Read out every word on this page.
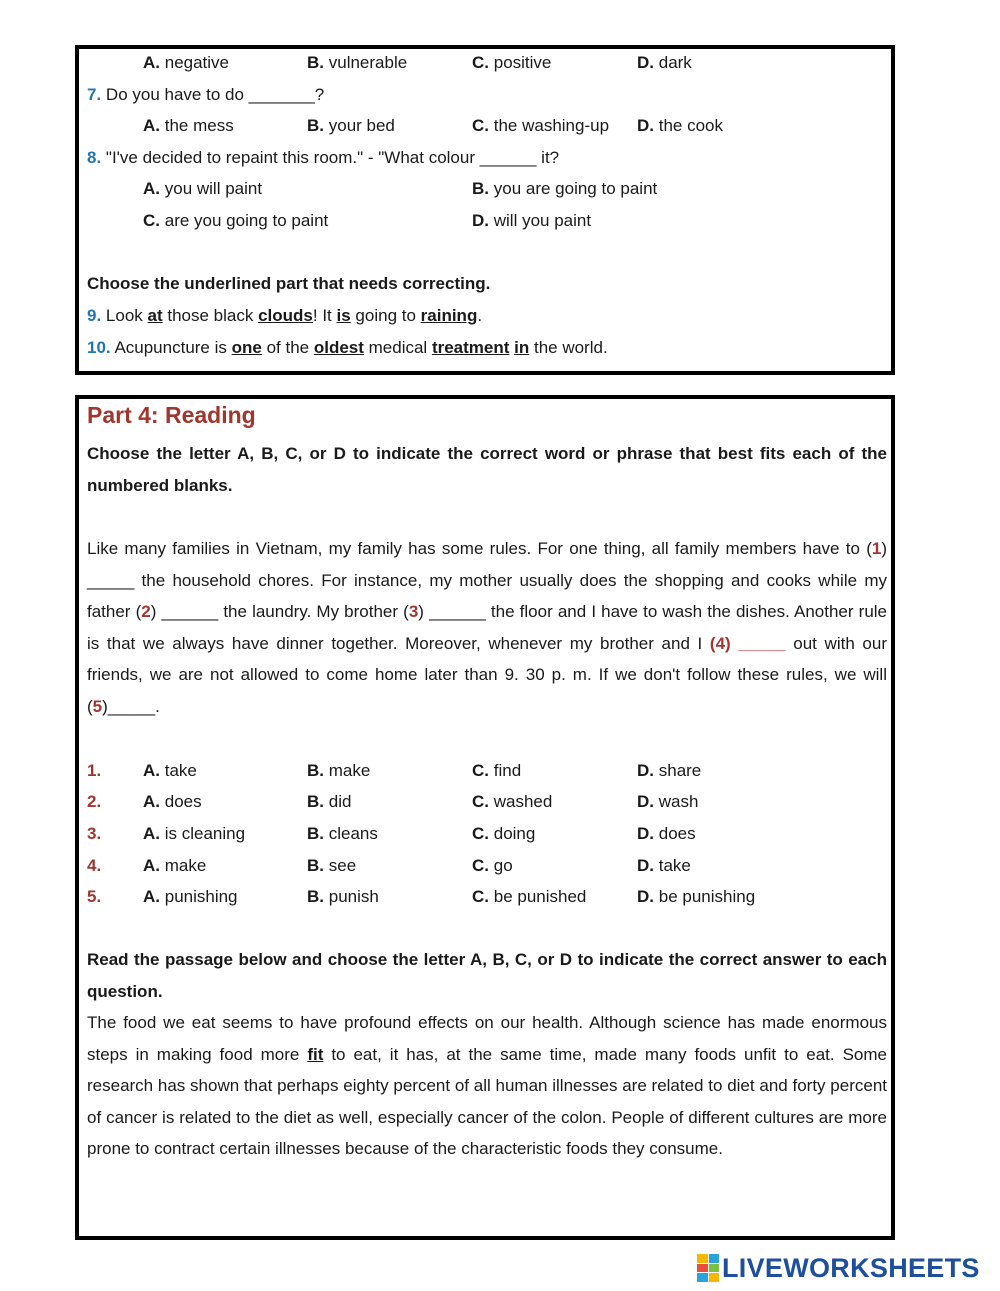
A. negative	B. vulnerable	C. positive	D. dark
7. Do you have to do _______?
A. the mess	B. your bed	C. the washing-up D. the cook
8. "I've decided to repaint this room." - "What colour ______ it?
A. you will paint	B. you are going to paint
C. are you going to paint	D. will you paint
Choose the underlined part that needs correcting.
9. Look at those black clouds! It is going to raining.
10. Acupuncture is one of the oldest medical treatment in the world.
Part 4: Reading
Choose the letter A, B, C, or D to indicate the correct word or phrase that best fits each of the numbered blanks.
Like many families in Vietnam, my family has some rules. For one thing, all family members have to (1) _____ the household chores. For instance, my mother usually does the shopping and cooks while my father (2) ______ the laundry. My brother (3) ______ the floor and I have to wash the dishes. Another rule is that we always have dinner together. Moreover, whenever my brother and I (4) _____ out with our friends, we are not allowed to come home later than 9. 30 p. m. If we don't follow these rules, we will (5)_____.
1. A. take	B. make	C. find	D. share
2. A. does	B. did	C. washed	D. wash
3. A. is cleaning	B. cleans	C. doing	D. does
4. A. make	B. see	C. go	D. take
5. A. punishing	B. punish	C. be punished	D. be punishing
Read the passage below and choose the letter A, B, C, or D to indicate the correct answer to each question.
The food we eat seems to have profound effects on our health. Although science has made enormous steps in making food more fit to eat, it has, at the same time, made many foods unfit to eat. Some research has shown that perhaps eighty percent of all human illnesses are related to diet and forty percent of cancer is related to the diet as well, especially cancer of the colon. People of different cultures are more prone to contract certain illnesses because of the characteristic foods they consume.
LIVEWORKSHEETS
